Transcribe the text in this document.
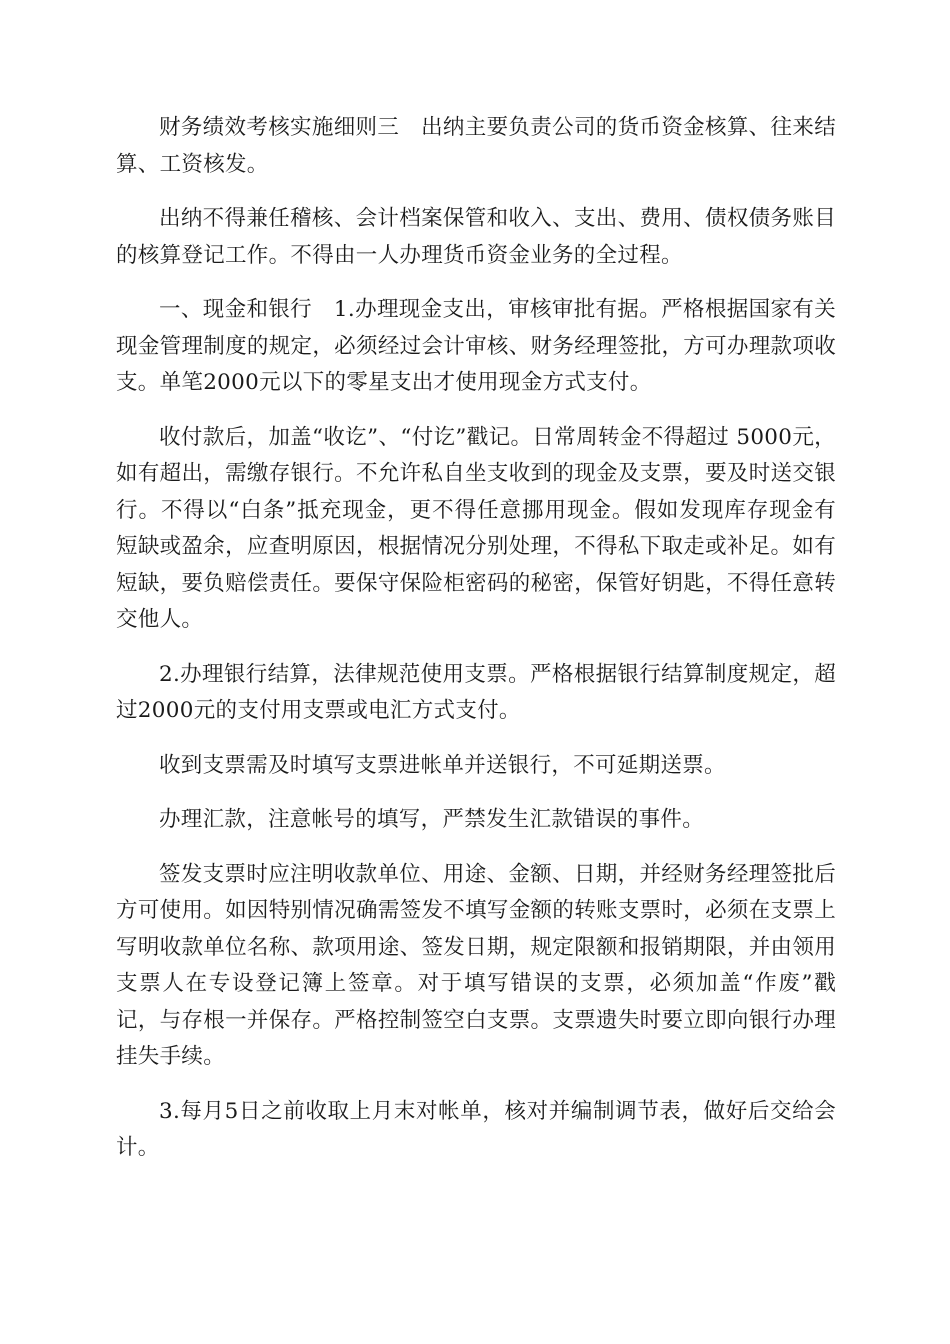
财务绩效考核实施细则三　出纳主要负责公司的货币资金核算、往来结算、工资核发。

出纳不得兼任稽核、会计档案保管和收入、支出、费用、债权债务账目的核算登记工作。不得由一人办理货币资金业务的全过程。

一、现金和银行　1.办理现金支出，审核审批有据。严格根据国家有关现金管理制度的规定，必须经过会计审核、财务经理签批，方可办理款项收支。单笔2000元以下的零星支出才使用现金方式支付。

收付款后，加盖“收讫”、“付讫”戳记。日常周转金不得超过 5000元，如有超出，需缴存银行。不允许私自坐支收到的现金及支票，要及时送交银行。不得以“白条”抵充现金，更不得任意挪用现金。假如发现库存现金有短缺或盈余，应查明原因，根据情况分别处理，不得私下取走或补足。如有短缺，要负赔偿责任。要保守保险柜密码的秘密，保管好钥匙，不得任意转交他人。

2.办理银行结算，法律规范使用支票。严格根据银行结算制度规定，超过2000元的支付用支票或电汇方式支付。

收到支票需及时填写支票进帐单并送银行，不可延期送票。

办理汇款，注意帐号的填写，严禁发生汇款错误的事件。

签发支票时应注明收款单位、用途、金额、日期，并经财务经理签批后方可使用。如因特别情况确需签发不填写金额的转账支票时，必须在支票上写明收款单位名称、款项用途、签发日期，规定限额和报销期限，并由领用支票人在专设登记簿上签章。对于填写错误的支票，必须加盖“作废”戳记，与存根一并保存。严格控制签空白支票。支票遗失时要立即向银行办理挂失手续。

3.每月5日之前收取上月末对帐单，核对并编制调节表，做好后交给会计。
